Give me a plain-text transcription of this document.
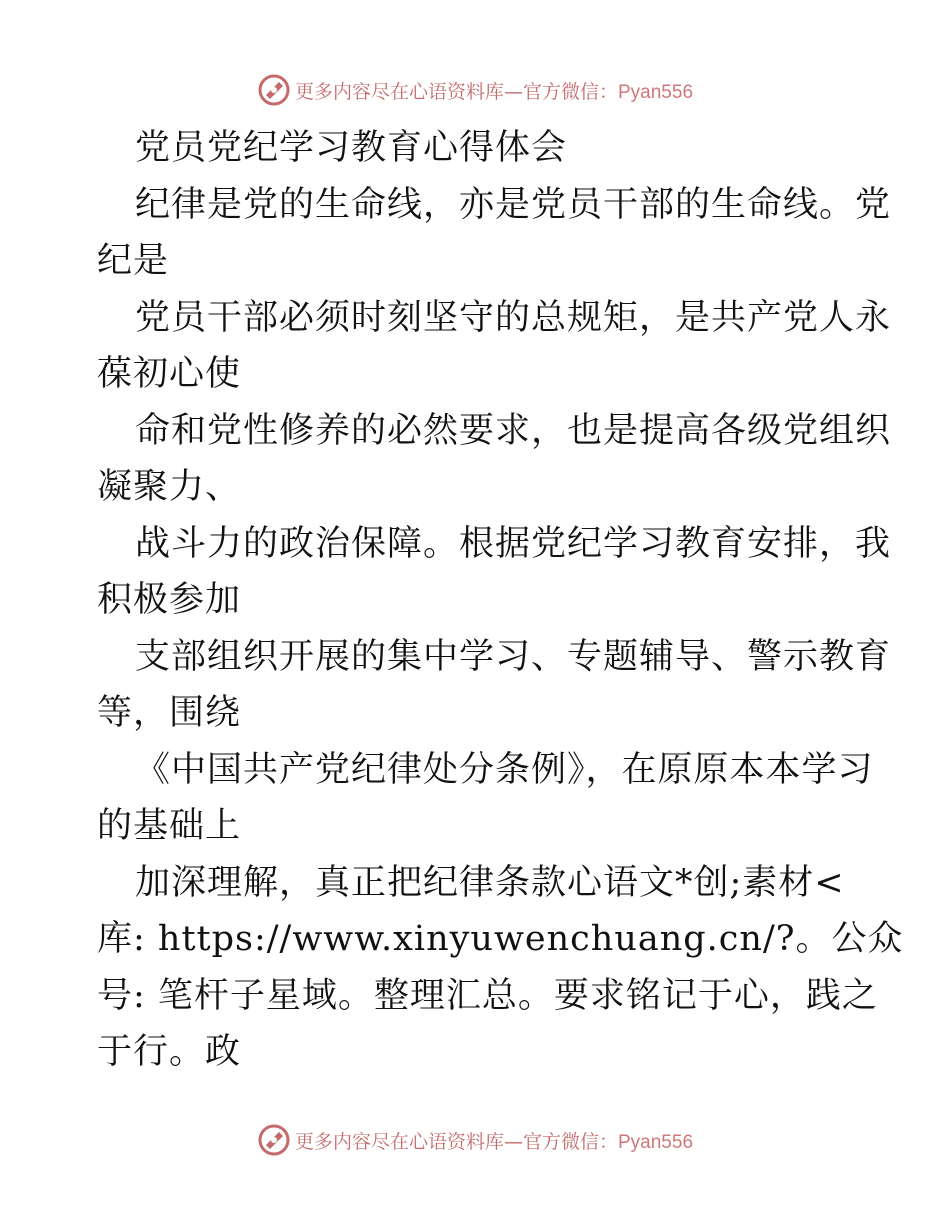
更多内容尽在心语资料库—官方微信：Pyan556
党员党纪学习教育心得体会
纪律是党的生命线，亦是党员干部的生命线。党
纪是
党员干部必须时刻坚守的总规矩，是共产党人永
葆初心使
命和党性修养的必然要求，也是提高各级党组织
凝聚力、
战斗力的政治保障。根据党纪学习教育安排，我
积极参加
支部组织开展的集中学习、专题辅导、警示教育
等，围绕
《中国共产党纪律处分条例》，在原原本本学习
的基础上
加深理解，真正把纪律条款心语文*创;素材<
库: https://www.xinyuwenchuang.cn/?。公众
号: 笔杆子星域。整理汇总。要求铭记于心，践之
于行。政
更多内容尽在心语资料库—官方微信：Pyan556
